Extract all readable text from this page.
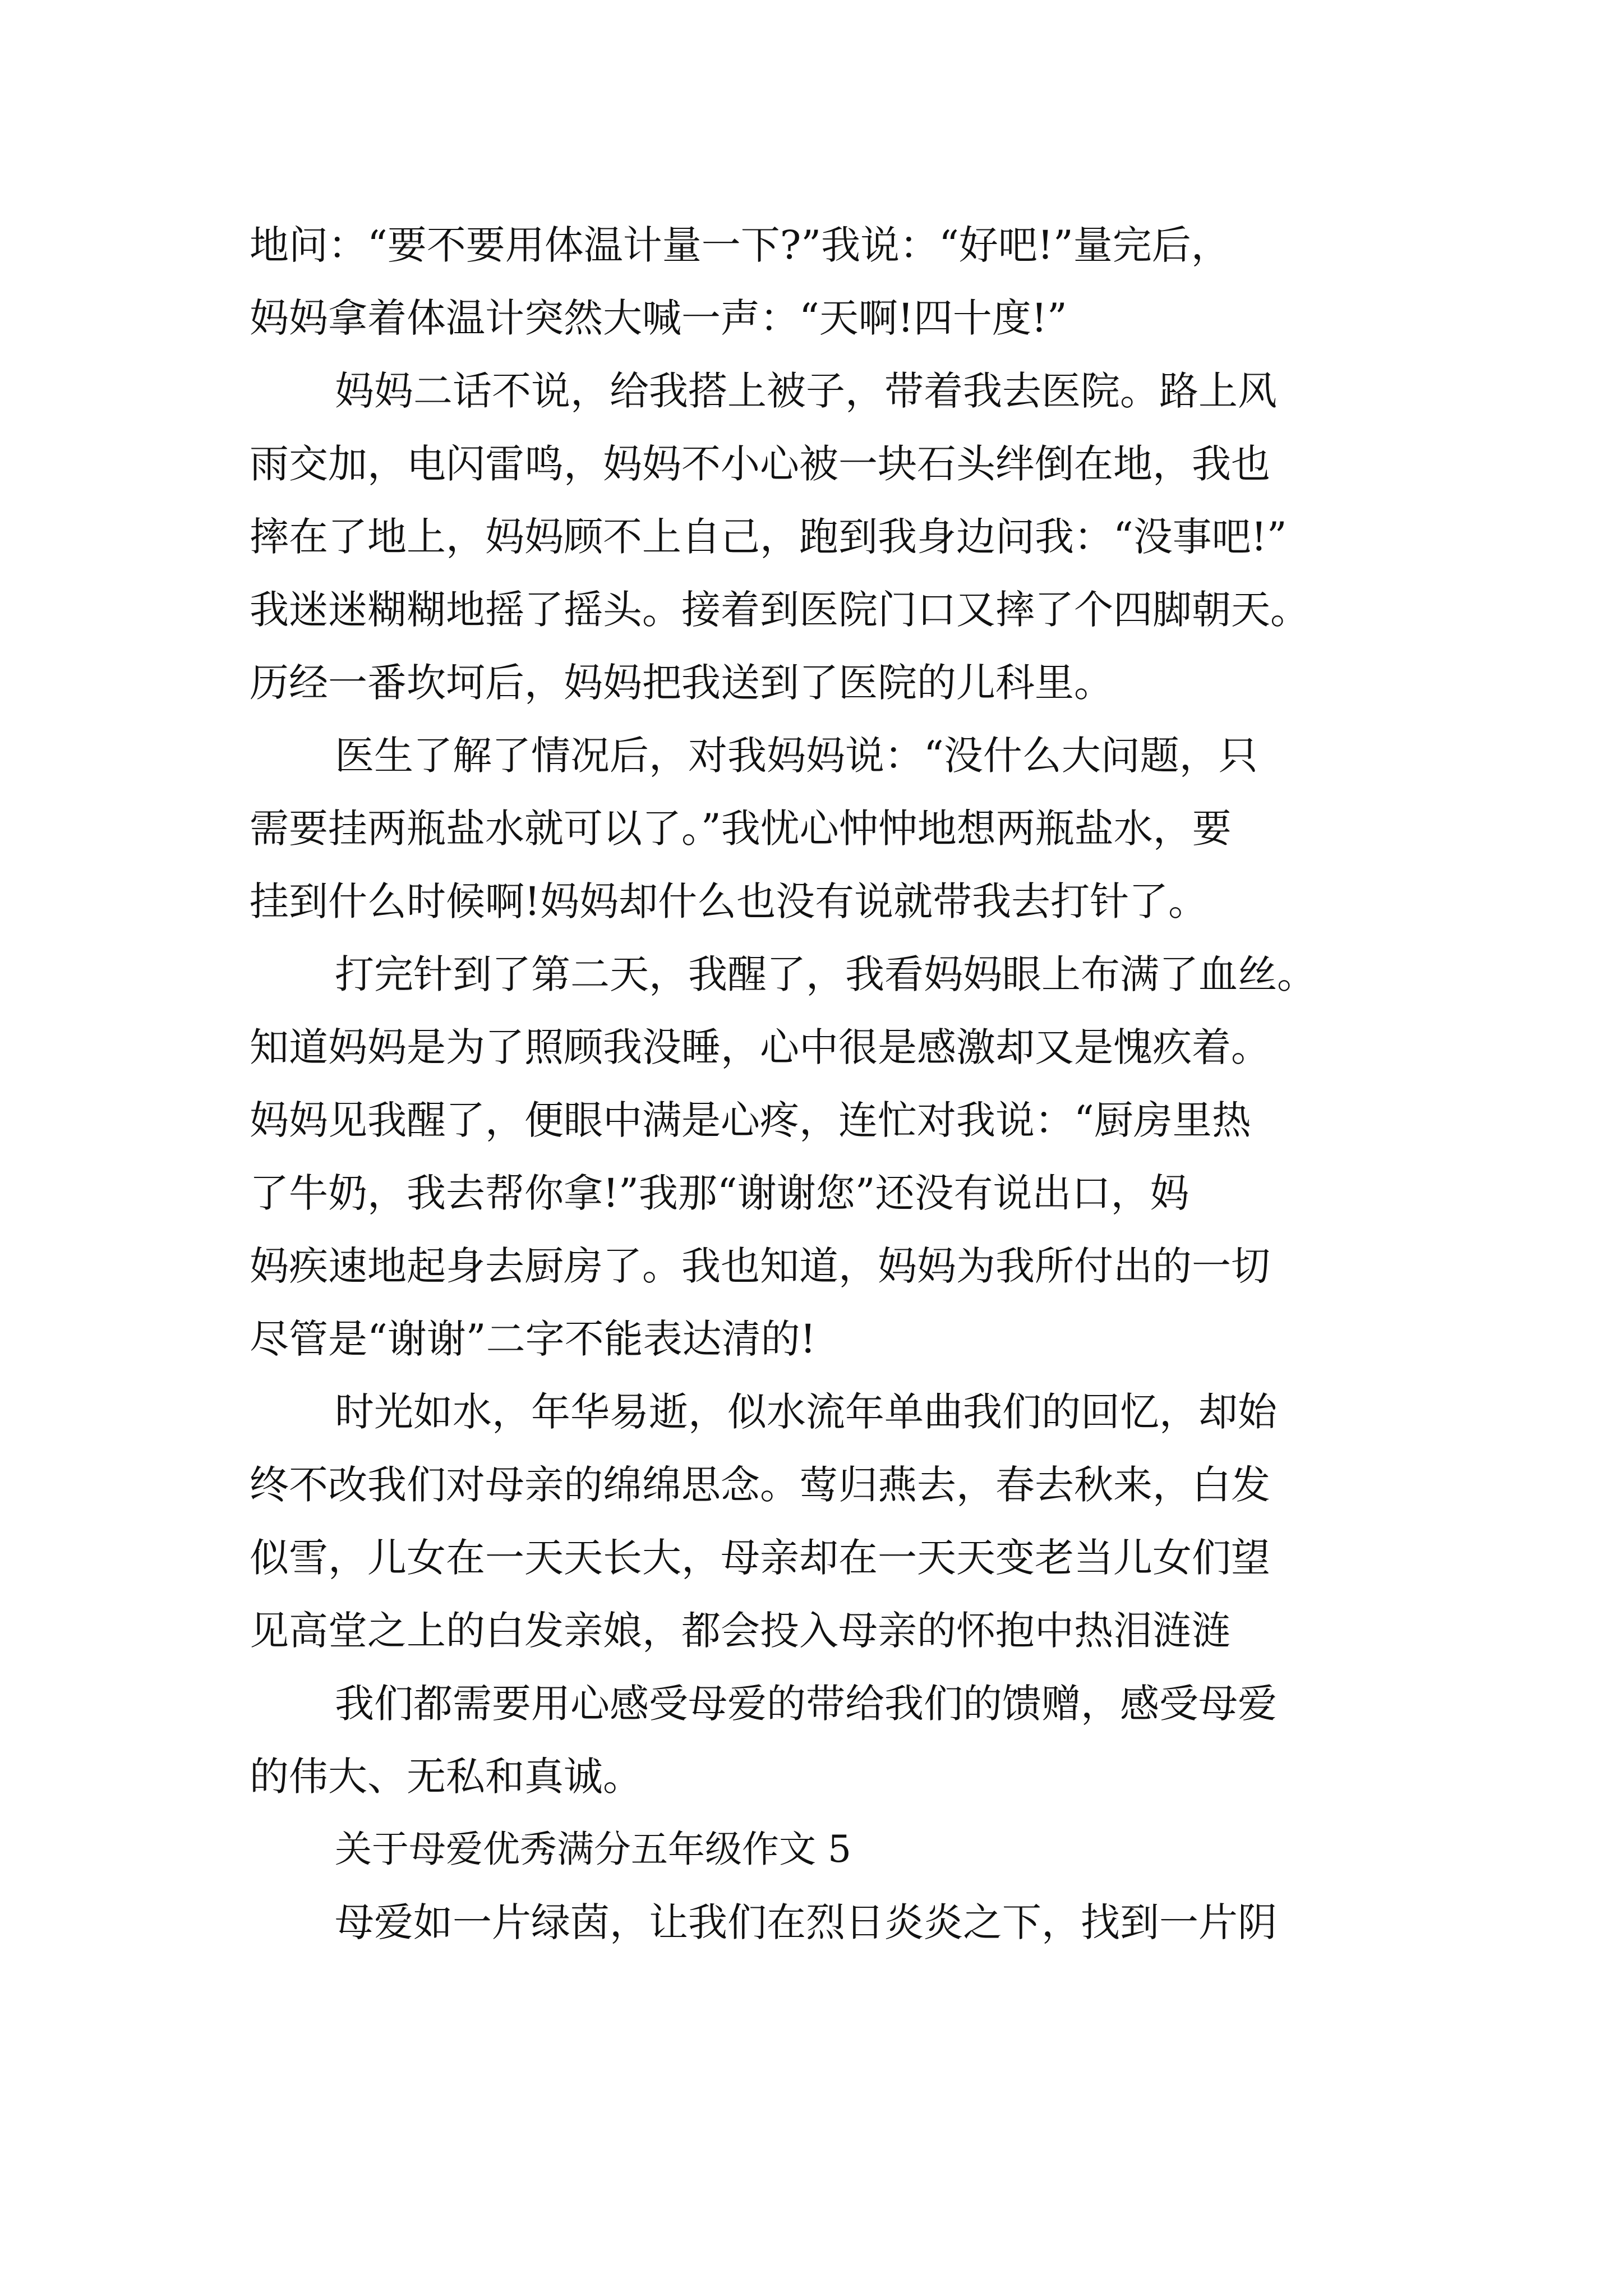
地问：“要不要用体温计量一下?”我说：“好吧!”量完后，

妈妈拿着体温计突然大喊一声：“天啊!四十度!”

妈妈二话不说，给我搭上被子，带着我去医院。路上风

雨交加，电闪雷鸣，妈妈不小心被一块石头绊倒在地，我也

摔在了地上，妈妈顾不上自己，跑到我身边问我：“没事吧!”

我迷迷糊糊地摇了摇头。接着到医院门口又摔了个四脚朝天。

历经一番坎坷后，妈妈把我送到了医院的儿科里。

医生了解了情况后，对我妈妈说：“没什么大问题，只

需要挂两瓶盐水就可以了。”我忧心忡忡地想两瓶盐水，要

挂到什么时候啊!妈妈却什么也没有说就带我去打针了。

打完针到了第二天，我醒了，我看妈妈眼上布满了血丝。

知道妈妈是为了照顾我没睡，心中很是感激却又是愧疚着。

妈妈见我醒了，便眼中满是心疼，连忙对我说：“厨房里热

了牛奶，我去帮你拿!”我那“谢谢您”还没有说出口，妈

妈疾速地起身去厨房了。我也知道，妈妈为我所付出的一切

尽管是“谢谢”二字不能表达清的!

时光如水，年华易逝，似水流年单曲我们的回忆，却始

终不改我们对母亲的绵绵思念。莺归燕去，春去秋来，白发

似雪，儿女在一天天长大，母亲却在一天天变老当儿女们望

见高堂之上的白发亲娘，都会投入母亲的怀抱中热泪涟涟

我们都需要用心感受母爱的带给我们的馈赠，感受母爱

的伟大、无私和真诚。

关于母爱优秀满分五年级作文 5

母爱如一片绿茵，让我们在烈日炎炎之下，找到一片阴
